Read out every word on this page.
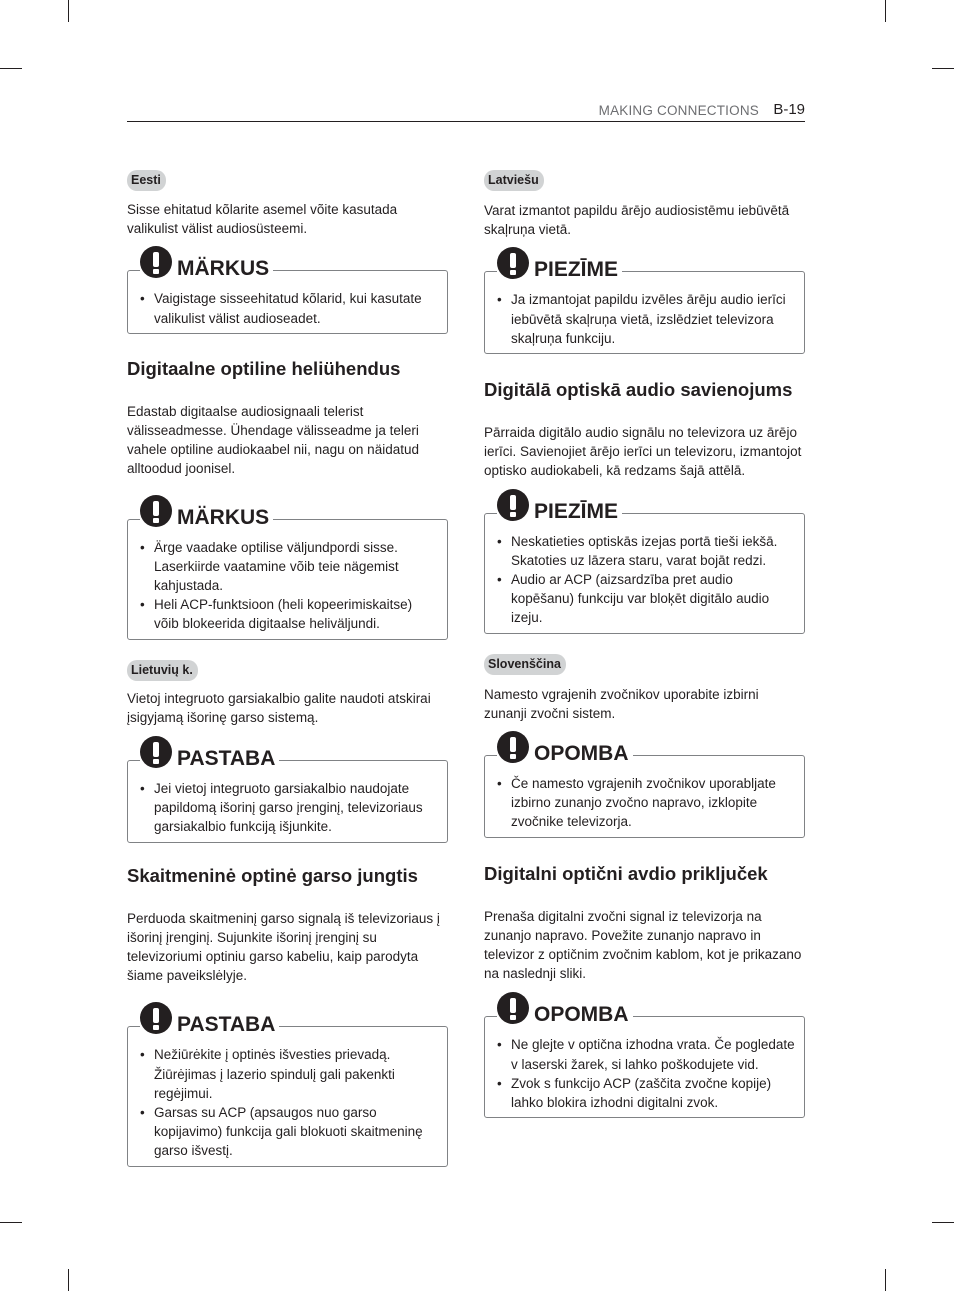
MAKING CONNECTIONS B-19
Eesti

Sisse ehitatud kõlarite asemel võite kasutada valikulist välist audiosüsteemi.

MÄRKUS
• Vaigistage sisseehitatud kõlarid, kui kasutate valikulist välist audioseadet.
Digitaalne optiline heliühendus

Edastab digitaalse audiosignaali telerist välisseadmesse. Ühendage välisseadme ja teleri vahele optiline audiokaabel nii, nagu on näidatud alltoodud joonisel.

MÄRKUS
• Ärge vaadake optilise väljundpordi sisse. Laserkiirde vaatamine võib teie nägemist kahjustada.
• Heli ACP-funktsioon (heli kopeerimiskaitse) võib blokeerida digitaalse heliväljundi.
Lietuvių k.

Vietoj integruoto garsiakalbio galite naudoti atskirai įsigyjamą išorinę garso sistemą.

PASTABA
• Jei vietoj integruoto garsiakalbio naudojate papildomą išorinį garso įrenginį, televizoriaus garsiakalbio funkciją išjunkite.
Skaitmeninė optinė garso jungtis

Perduoda skaitmeninį garso signalą iš televizoriaus į išorinį įrenginį. Sujunkite išorinį įrenginį su televizoriumi optiniu garso kabeliu, kaip parodyta šiame paveikslėlyje.

PASTABA
• Nežiūrėkite į optinės išvesties prievadą. Žiūrėjimas į lazerio spindulį gali pakenkti regėjimui.
• Garsas su ACP (apsaugos nuo garso kopijavimo) funkcija gali blokuoti skaitmeninę garso išvestį.
Latviešu

Varat izmantot papildu ārējo audiosistēmu iebūvētā skaļruņa vietā.

PIEZĪME
• Ja izmantojat papildu izvēles ārēju audio ierīci iebūvētā skaļruņa vietā, izslēdziet televizora skaļruņa funkciju.
Digitālā optiskā audio savienojums

Pārraida digitālo audio signālu no televizora uz ārējo ierīci. Savienojiet ārējo ierīci un televizoru, izmantojot optisko audiokabeli, kā redzams šajā attēlā.

PIEZĪME
• Neskatieties optiskās izejas portā tieši iekšā. Skatoties uz lāzera staru, varat bojāt redzi.
• Audio ar ACP (aizsardzība pret audio kopēšanu) funkciju var bloķēt digitālo audio izeju.
Slovenščina

Namesto vgrajenih zvočnikov uporabite izbirni zunanji zvočni sistem.

OPOMBA
• Če namesto vgrajenih zvočnikov uporabljate izbirno zunanjo zvočno napravo, izklopite zvočnike televizorja.
Digitalni optični avdio priključek

Prenaša digitalni zvočni signal iz televizorja na zunanjo napravo. Povežite zunanjo napravo in televizor z optičnim zvočnim kablom, kot je prikazano na naslednji sliki.

OPOMBA
• Ne glejte v optična izhodna vrata. Če pogledate v laserski žarek, si lahko poškodujete vid.
• Zvok s funkcijo ACP (zaščita zvočne kopije) lahko blokira izhodni digitalni zvok.
